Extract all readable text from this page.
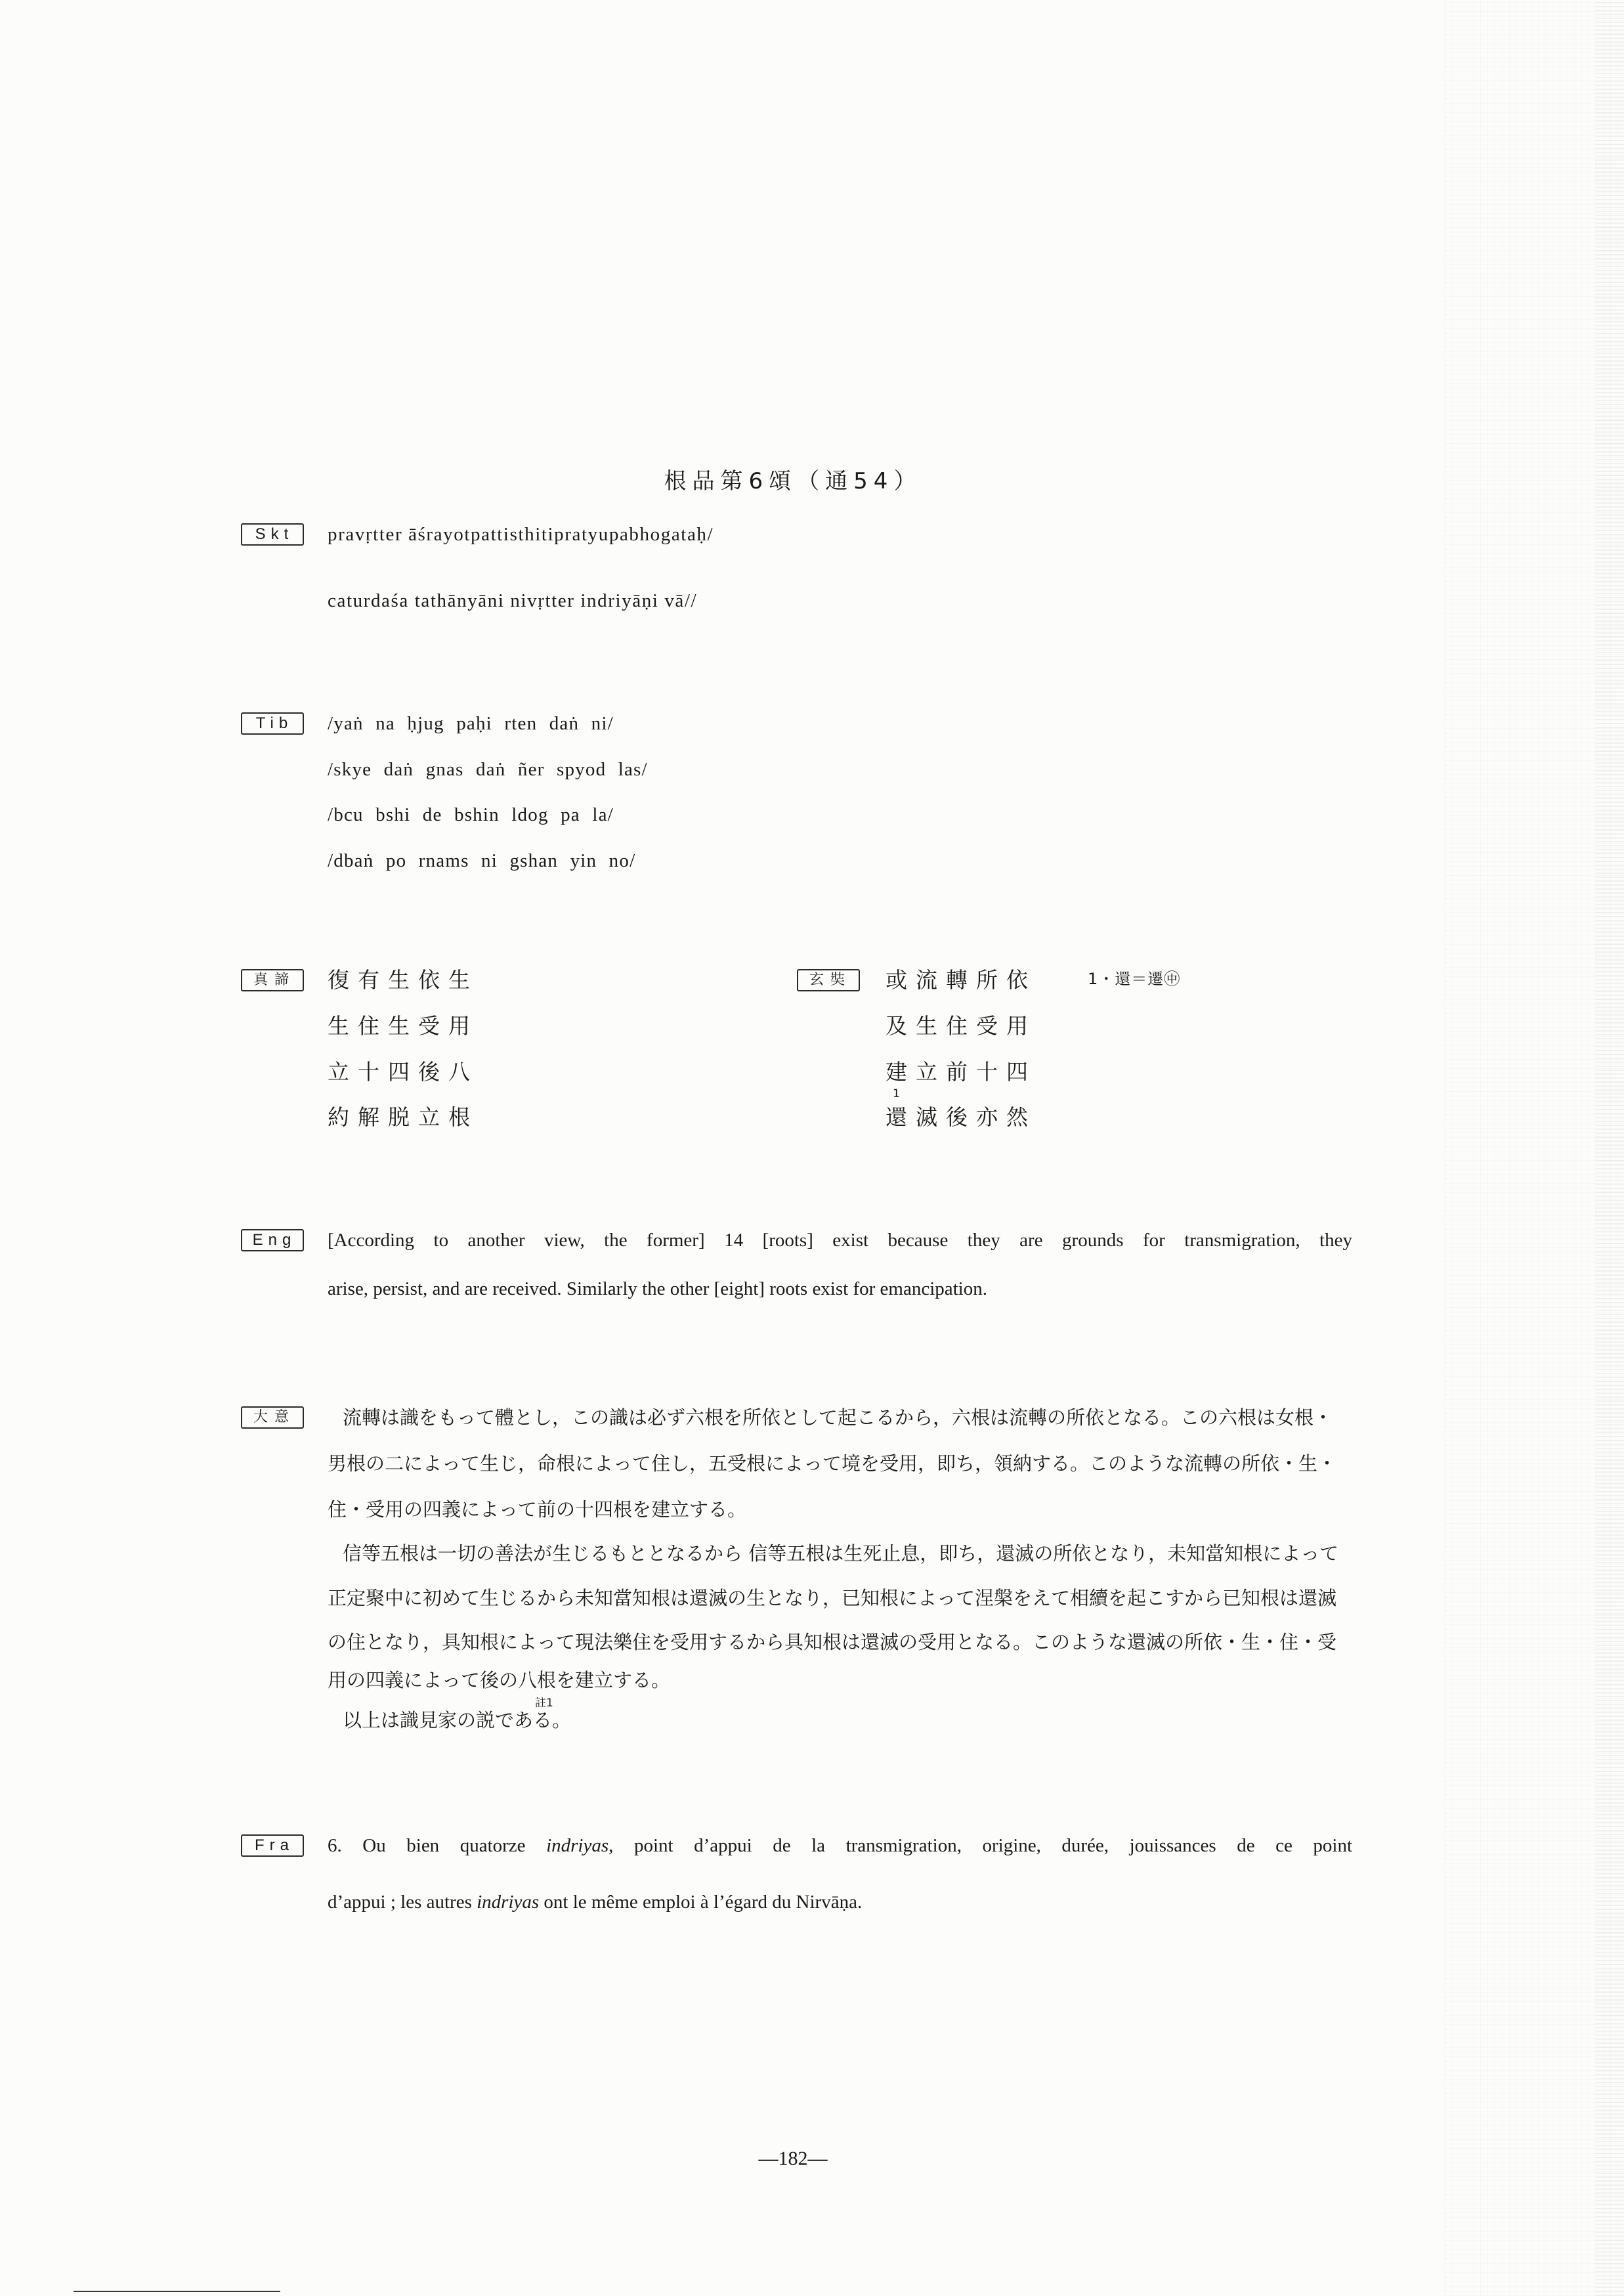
根品第6頌（通54）
Skt	pravṛtter āśrayotpattisthitipratyupabhogataḥ/
caturdaśa tathānyāni nivṛtter indriyāṇi vā//
Tib	/yaṅ na ḥjug paḥi rten daṅ ni/
/skye daṅ gnas daṅ ñer spyod las/
/bcu bshi de bshin ldog pa la/
/dbaṅ po rnams ni gshan yin no/
真諦	復有生依生
生住生受用
立十四後八
約解脱立根
玄奘	或流轉所依
及生住受用
建立前十四
1
還滅後亦然
1・還＝遷㊥
Eng	[According to another view, the former] 14 [roots] exist because they are grounds for transmigration, they
arise, persist, and are received. Similarly the other [eight] roots exist for emancipation.
大意	流轉は識をもって體とし，この識は必ず六根を所依として起こるから，六根は流轉の所依となる。この六根は女根・
男根の二によって生じ，命根によって住し，五受根によって境を受用，即ち，領納する。このような流轉の所依・生・
住・受用の四義によって前の十四根を建立する。
信等五根は一切の善法が生じるもととなるから 信等五根は生死止息，即ち，還滅の所依となり，未知當知根によって
正定聚中に初めて生じるから未知當知根は還滅の生となり，已知根によって涅槃をえて相續を起こすから已知根は還滅
の住となり，具知根によって現法樂住を受用するから具知根は還滅の受用となる。このような還滅の所依・生・住・受
用の四義によって後の八根を建立する。
註1
以上は識見家の説である。
Fra	6. Ou bien quatorze indriyas, point d’appui de la transmigration, origine, durée, jouissances de ce point
d’appui ; les autres indriyas ont le même emploi à l’égard du Nirvāṇa.
—182—
